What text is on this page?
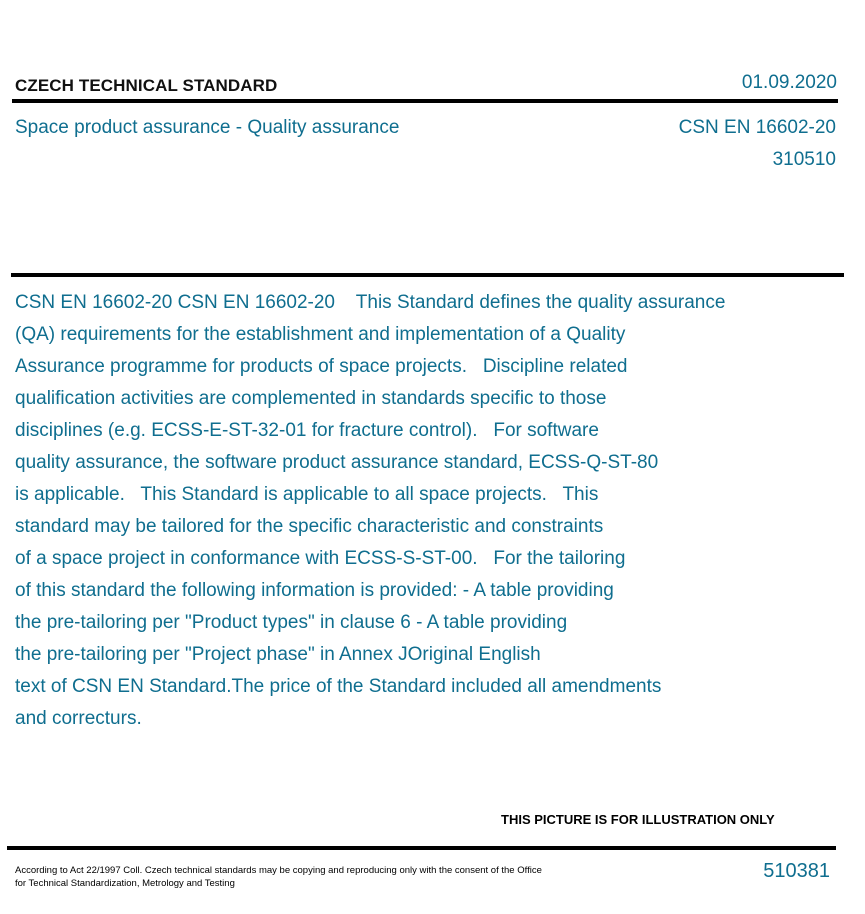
CZECH TECHNICAL STANDARD	01.09.2020
Space product assurance - Quality assurance	CSN EN 16602-20
310510
CSN EN 16602-20 CSN EN 16602-20    This Standard defines the quality assurance
(QA) requirements for the establishment and implementation of a Quality
Assurance programme for products of space projects.   Discipline related
qualification activities are complemented in standards specific to those
disciplines (e.g. ECSS-E-ST-32-01 for fracture control).   For software
quality assurance, the software product assurance standard, ECSS-Q-ST-80
is applicable.   This Standard is applicable to all space projects.   This
standard may be tailored for the specific characteristic and constraints
of a space project in conformance with ECSS-S-ST-00.   For the tailoring
of this standard the following information is provided: - A table providing
the pre-tailoring per "Product types" in clause 6 - A table providing
the pre-tailoring per "Project phase" in Annex JOriginal English
text of CSN EN Standard.The price of the Standard included all amendments
and correcturs.
THIS PICTURE IS FOR ILLUSTRATION ONLY
According to Act 22/1997 Coll. Czech technical standards may be copying and reproducing only with the consent of the Office
for Technical Standardization, Metrology and Testing
510381
